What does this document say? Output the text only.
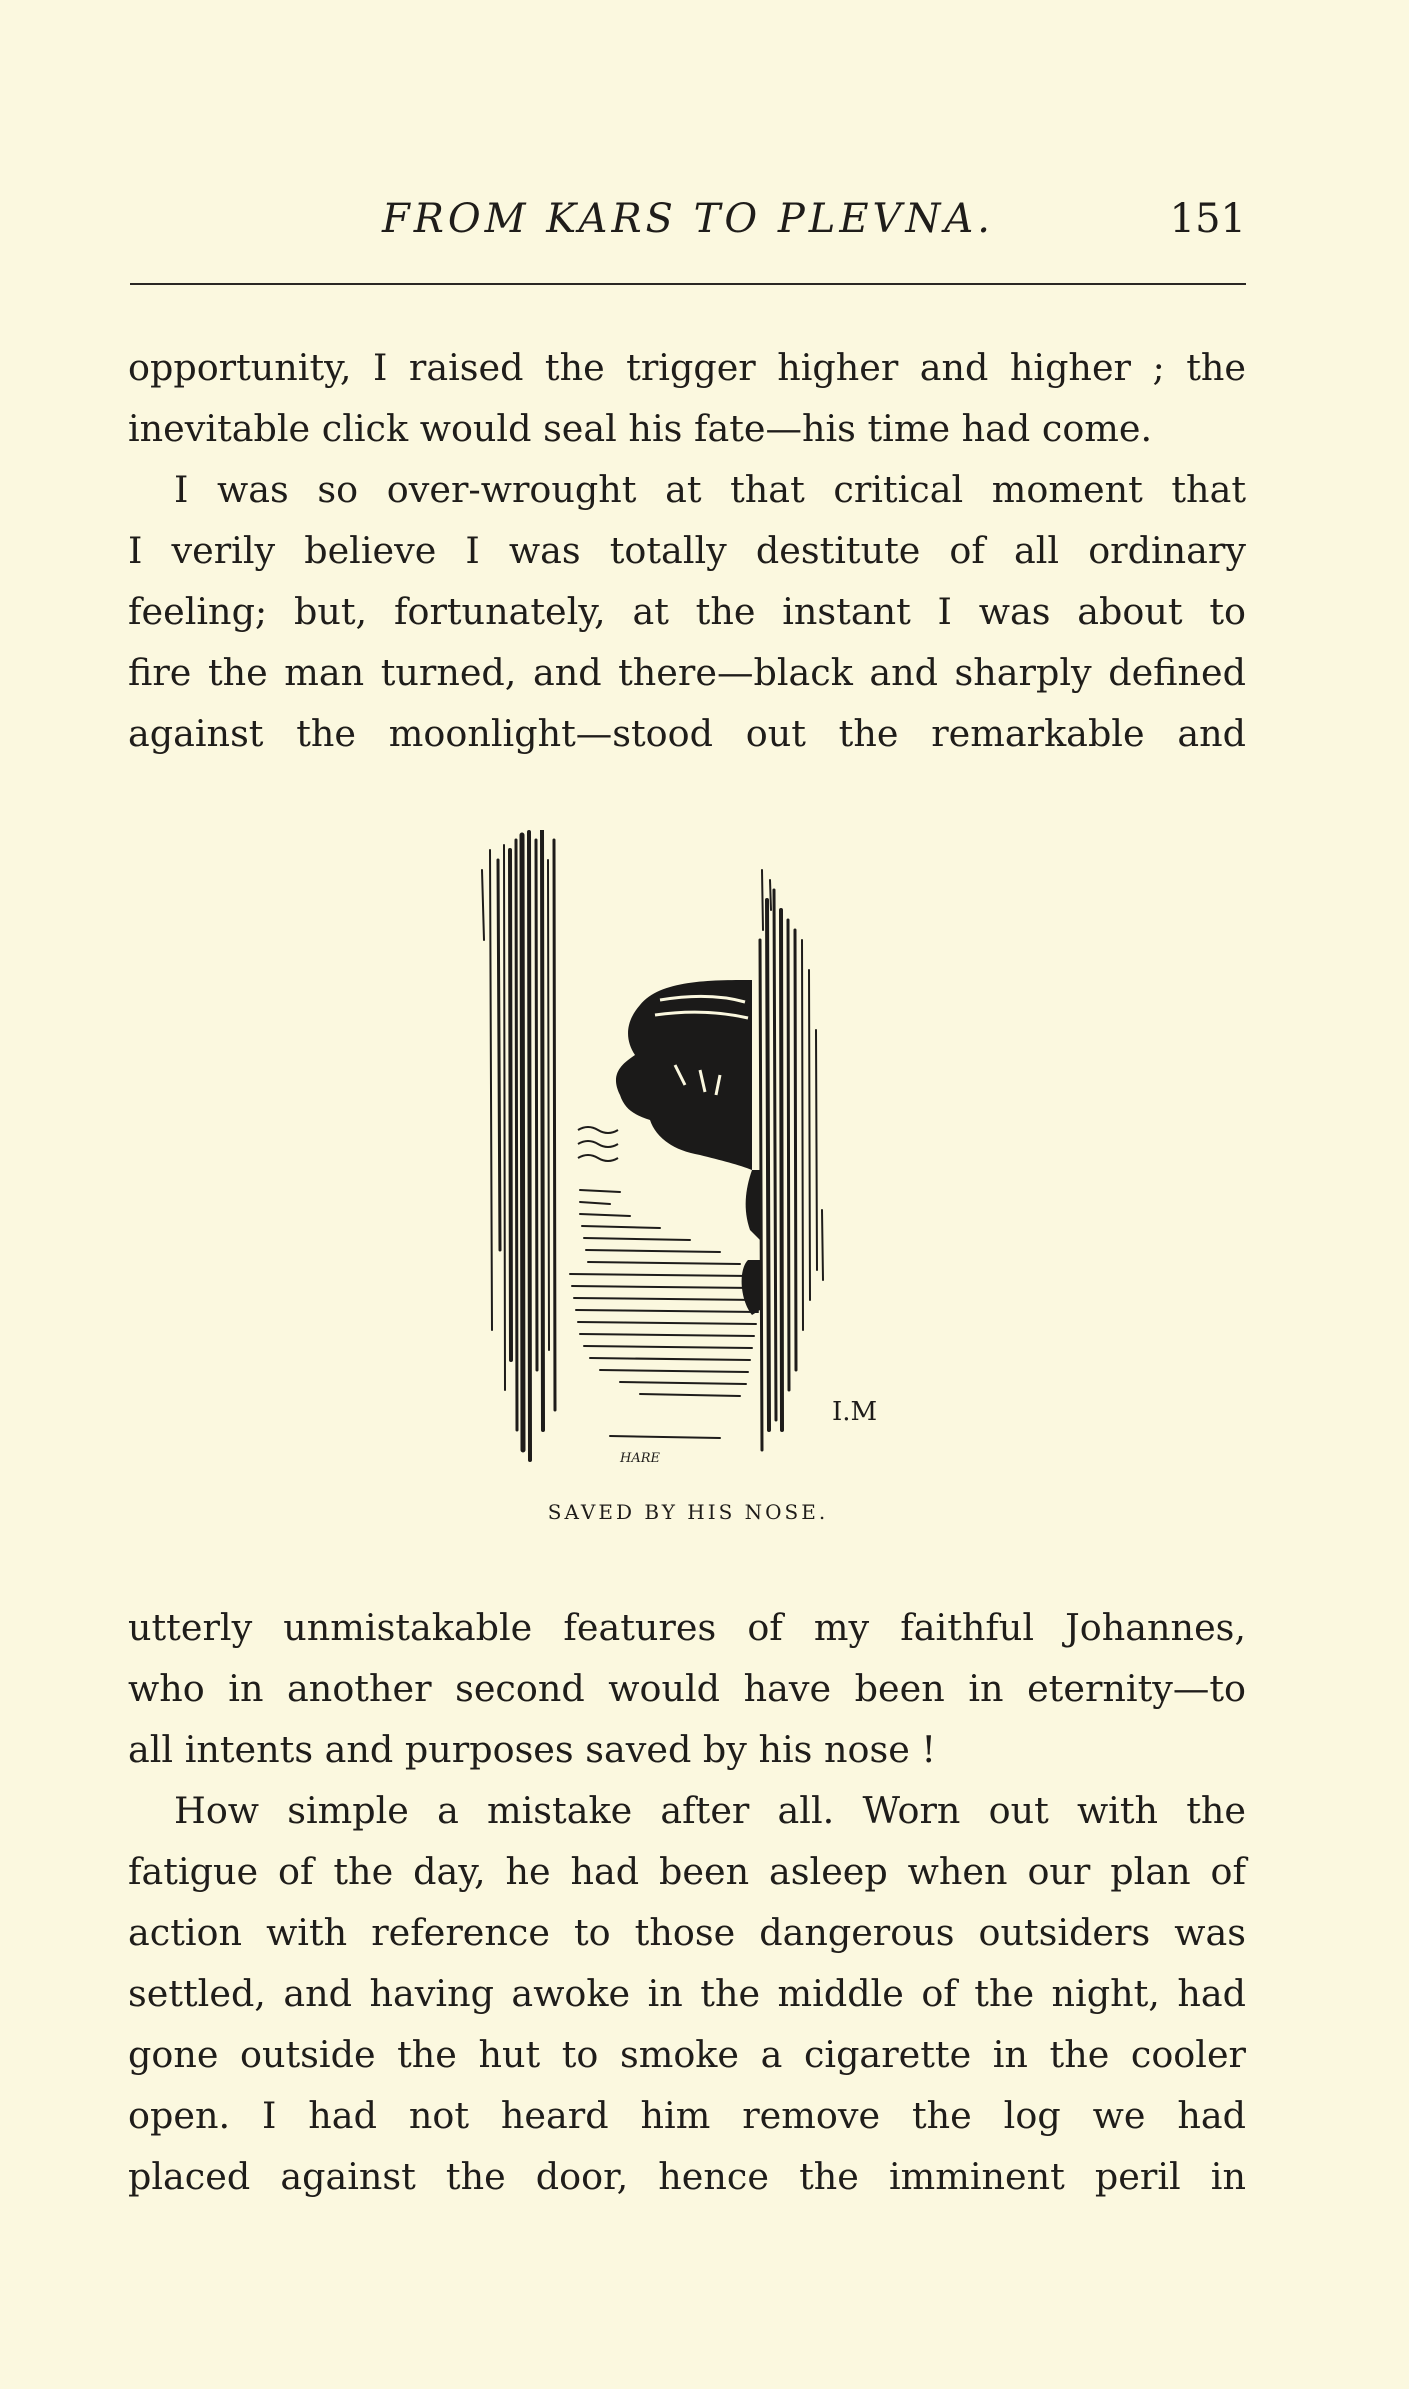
FROM KARS TO PLEVNA.	151

opportunity, I raised the trigger higher and higher ; the
inevitable click would seal his fate—his time had come.

I was so over-wrought at that critical moment that
I verily believe I was totally destitute of all ordinary
feeling; but, fortunately, at the instant I was about to
fire the man turned, and there—black and sharply defined
against the moonlight—stood out the remarkable and

I.M
HARE
SAVED BY HIS NOSE.

utterly unmistakable features of my faithful Johannes,
who in another second would have been in eternity—to
all intents and purposes saved by his nose !

How simple a mistake after all. Worn out with the
fatigue of the day, he had been asleep when our plan of
action with reference to those dangerous outsiders was
settled, and having awoke in the middle of the night, had
gone outside the hut to smoke a cigarette in the cooler
open. I had not heard him remove the log we had
placed against the door, hence the imminent peril in
